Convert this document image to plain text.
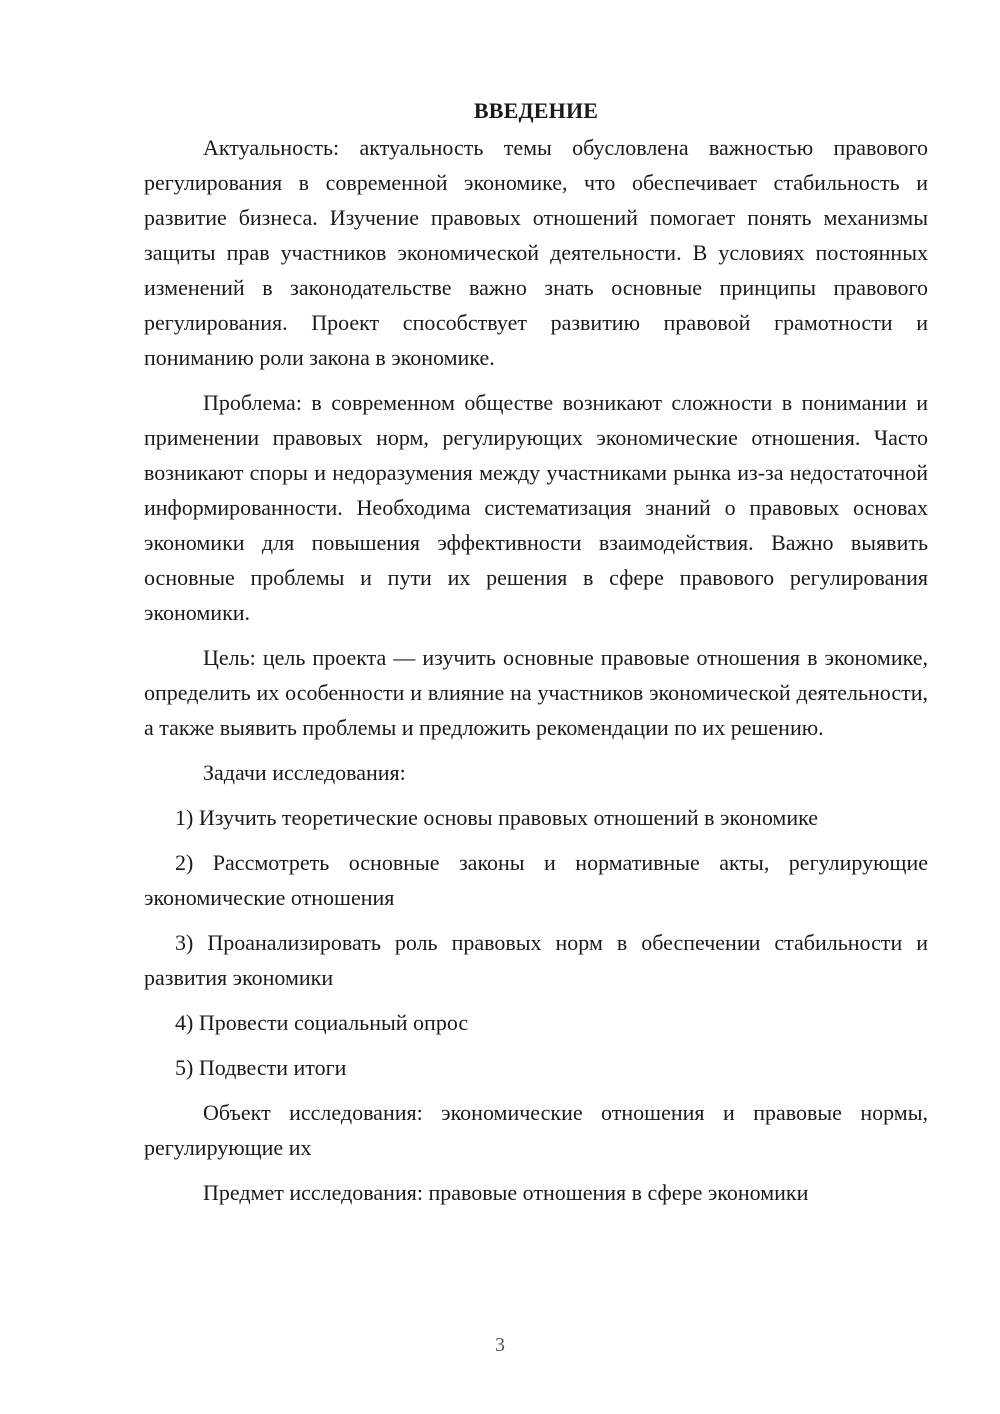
ВВЕДЕНИЕ

Актуальность: актуальность темы обусловлена важностью правового регулирования в современной экономике, что обеспечивает стабильность и развитие бизнеса. Изучение правовых отношений помогает понять механизмы защиты прав участников экономической деятельности. В условиях постоянных изменений в законодательстве важно знать основные принципы правового регулирования. Проект способствует развитию правовой грамотности и пониманию роли закона в экономике.

Проблема: в современном обществе возникают сложности в понимании и применении правовых норм, регулирующих экономические отношения. Часто возникают споры и недоразумения между участниками рынка из-за недостаточной информированности. Необходима систематизация знаний о правовых основах экономики для повышения эффективности взаимодействия. Важно выявить основные проблемы и пути их решения в сфере правового регулирования экономики.

Цель: цель проекта — изучить основные правовые отношения в экономике, определить их особенности и влияние на участников экономической деятельности, а также выявить проблемы и предложить рекомендации по их решению.

Задачи исследования:

1) Изучить теоретические основы правовых отношений в экономике

2) Рассмотреть основные законы и нормативные акты, регулирующие экономические отношения

3) Проанализировать роль правовых норм в обеспечении стабильности и развития экономики

4) Провести социальный опрос

5) Подвести итоги

Объект исследования: экономические отношения и правовые нормы, регулирующие их

Предмет исследования: правовые отношения в сфере экономики

3
